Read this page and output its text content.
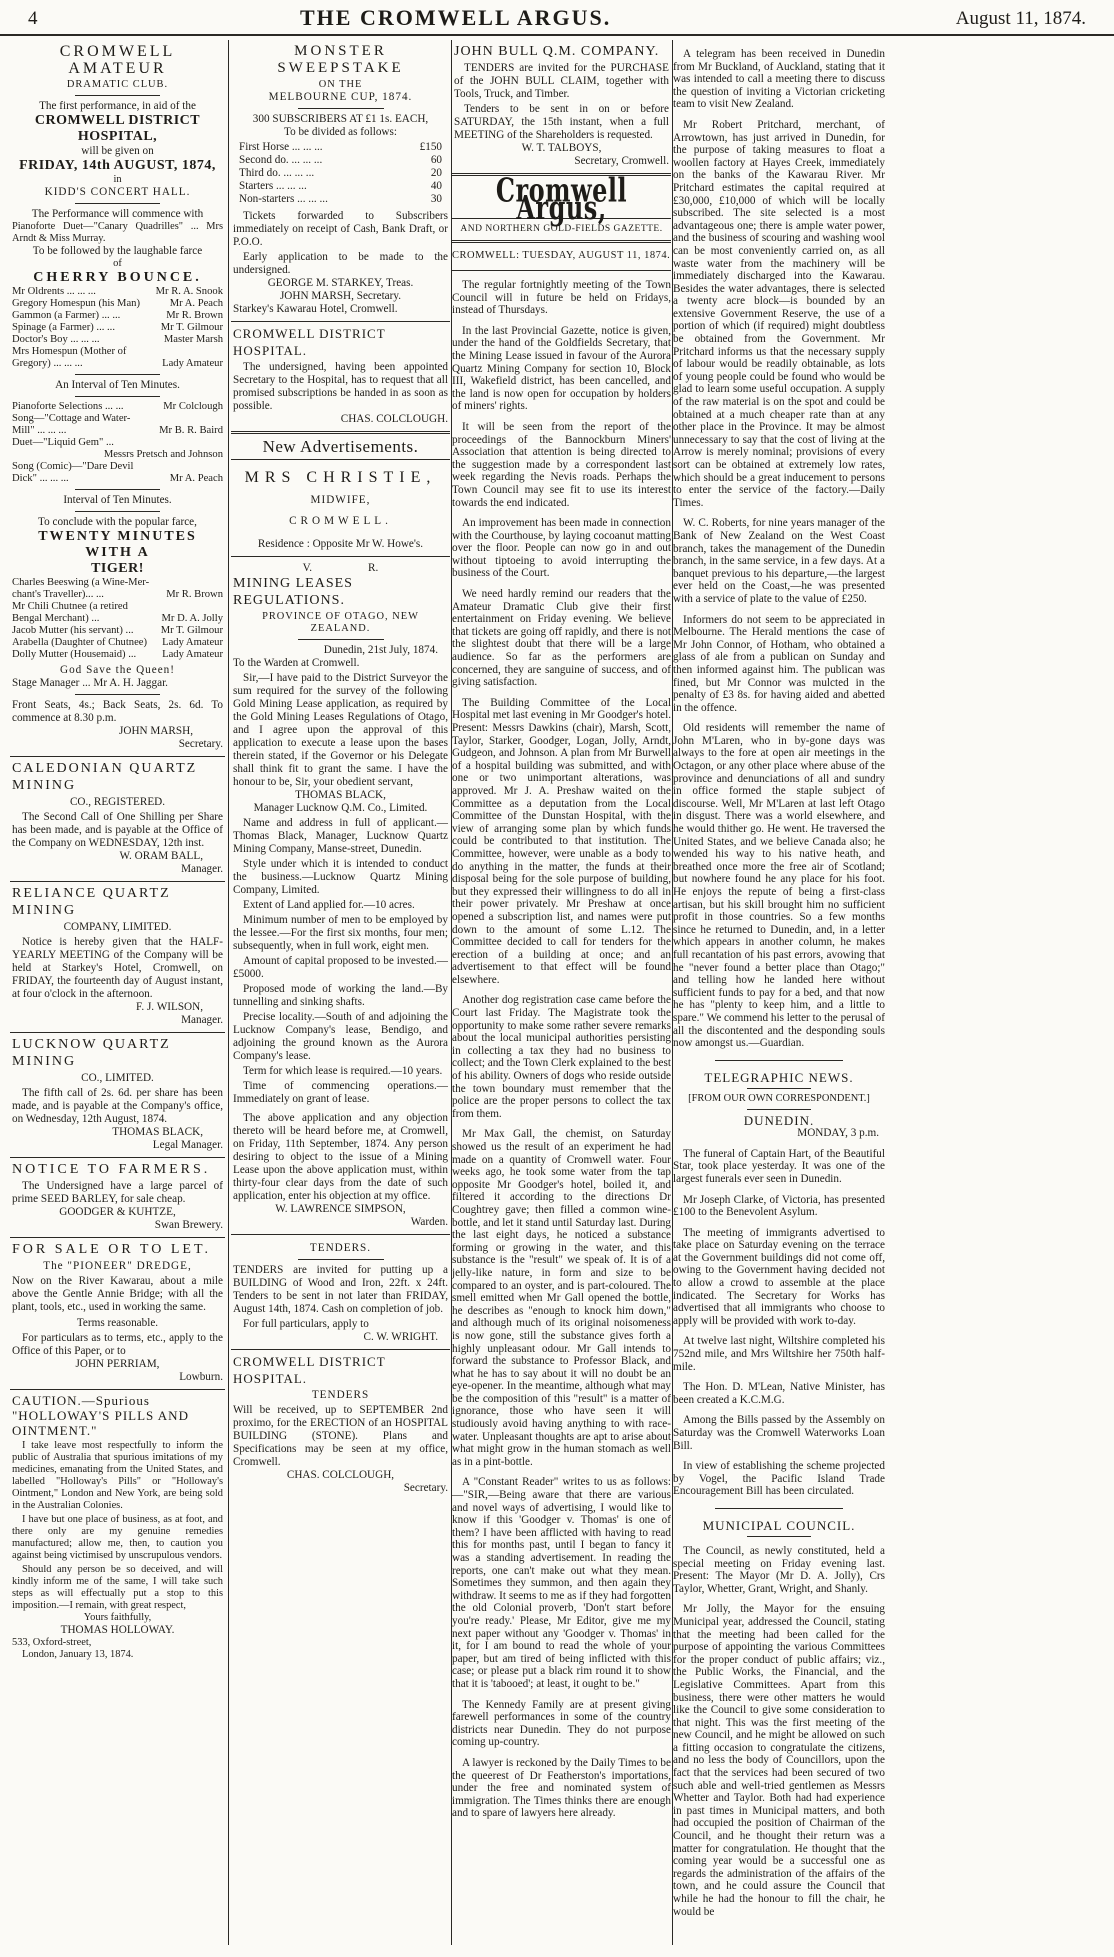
4	THE CROMWELL ARGUS.	August 11, 1874.
CROMWELL AMATEUR
DRAMATIC CLUB.
The first performance, in aid of the
CROMWELL DISTRICT HOSPITAL,
will be given on
FRIDAY, 14th AUGUST, 1874,
in
KIDD'S CONCERT HALL.
The Performance will commence with
Pianoforte Duet—"Canary Quadrilles" ... Mrs Arndt & Miss Murray.
To be followed by the laughable farce
of
CHERRY BOUNCE.
Mr Oldrents ... ... ...	Mr R. A. Snook
Gregory Homespun (his Man)	Mr A. Peach
Gammon (a Farmer) ... ...	Mr R. Brown
Spinage (a Farmer) ... ...	Mr T. Gilmour
Doctor's Boy ... ... ...	Master Marsh
Mrs Homespun (Mother of
Gregory) ... ... ...	Lady Amateur
An Interval of Ten Minutes.
Pianoforte Selections ... ...	Mr Colclough
Song—"Cottage and Water-
Mill" ... ... ...	Mr B. R. Baird
Duet—"Liquid Gem" ...
Messrs Pretsch and Johnson
Song (Comic)—"Dare Devil
Dick" ... ... ...	Mr A. Peach
Interval of Ten Minutes.
To conclude with the popular farce,
TWENTY MINUTES WITH A
TIGER!
Charles Beeswing (a Wine-Mer-
chant's Traveller)... ...	Mr R. Brown
Mr Chili Chutnee (a retired
Bengal Merchant) ...	Mr D. A. Jolly
Jacob Mutter (his servant) ...	Mr T. Gilmour
Arabella (Daughter of Chutnee) Lady Amateur
Dolly Mutter (Housemaid) ... Lady Amateur
God Save the Queen!
Stage Manager ... Mr A. H. Jaggar.
Front Seats, 4s.; Back Seats, 2s. 6d. To commence at 8.30 p.m.
JOHN MARSH,
Secretary.
CALEDONIAN QUARTZ MINING
CO., REGISTERED.

The Second Call of One Shilling per Share has been made, and is payable at the Office of the Company on WEDNESDAY, 12th inst.

W. ORAM BALL,
Manager.
RELIANCE QUARTZ MINING
COMPANY, LIMITED.

Notice is hereby given that the HALF-YEARLY MEETING of the Company will be held at Starkey's Hotel, Cromwell, on FRIDAY, the fourteenth day of August instant, at four o'clock in the afternoon.

F. J. WILSON,
Manager.
LUCKNOW QUARTZ MINING
CO., LIMITED.

The fifth call of 2s. 6d. per share has been made, and is payable at the Company's office, on Wednesday, 12th August, 1874.

THOMAS BLACK,
Legal Manager.
NOTICE TO FARMERS.

The Undersigned have a large parcel of prime SEED BARLEY, for sale cheap.

GOODGER & KUHTZE,
Swan Brewery.
FOR SALE OR TO LET.
The "PIONEER" DREDGE,

Now on the River Kawarau, about a mile above the Gentle Annie Bridge; with all the plant, tools, etc., used in working the same.

Terms reasonable.

For particulars as to terms, etc., apply to the Office of this Paper, or to

JOHN PERRIAM,
Lowburn.
CAUTION.—Spurious "HOLLOWAY'S PILLS AND OINTMENT."

I take leave most respectfully to inform the public of Australia that spurious imitations of my medicines, emanating from the United States, and labelled "Holloway's Pills" or "Holloway's Ointment," London and New York, are being sold in the Australian Colonies.

I have but one place of business, as at foot, and there only are my genuine remedies manufactured; allow me, then, to caution you against being victimised by unscrupulous vendors.

Should any person be so deceived, and will kindly inform me of the same, I will take such steps as will effectually put a stop to this imposition.—I remain, with great respect,

Yours faithfully,
THOMAS HOLLOWAY.
533, Oxford-street,
London, January 13, 1874.
MONSTER SWEEPSTAKE
ON THE
MELBOURNE CUP, 1874.
300 SUBSCRIBERS AT £1 1s. EACH,
To be divided as follows:
First Horse ... ... ...	£150
Second do. ... ... ...	60
Third do. ... ... ...	20
Starters ... ... ...	40
Non-starters ... ... ...	30

Tickets forwarded to Subscribers immediately on receipt of Cash, Bank Draft, or P.O.O.

Early application to be made to the undersigned.

GEORGE M. STARKEY, Treas.
JOHN MARSH, Secretary.
Starkey's Kawarau Hotel, Cromwell.
CROMWELL DISTRICT HOSPITAL.

The undersigned, having been appointed Secretary to the Hospital, has to request that all promised subscriptions be handed in as soon as possible.

CHAS. COLCLOUGH.
New Advertisements.
MRS CHRISTIE,
MIDWIFE,
CROMWELL.
Residence : Opposite Mr W. Howe's.
V.                    R.
MINING LEASES REGULATIONS.
PROVINCE OF OTAGO, NEW ZEALAND.
Dunedin, 21st July, 1874.
To the Warden at Cromwell.

Sir,—I have paid to the District Surveyor the sum required for the survey of the following Gold Mining Lease application, as required by the Gold Mining Leases Regulations of Otago, and I agree upon the approval of this application to execute a lease upon the bases therein stated, if the Governor or his Delegate shall think fit to grant the same. I have the honour to be, Sir, your obedient servant,

THOMAS BLACK,
Manager Lucknow Q.M. Co., Limited.

Name and address in full of applicant.—Thomas Black, Manager, Lucknow Quartz Mining Company, Manse-street, Dunedin.

Style under which it is intended to conduct the business.—Lucknow Quartz Mining Company, Limited.

Extent of Land applied for.—10 acres.

Minimum number of men to be employed by the lessee.—For the first six months, four men; subsequently, when in full work, eight men.

Amount of capital proposed to be invested.—£5000.

Proposed mode of working the land.—By tunnelling and sinking shafts.

Precise locality.—South of and adjoining the Lucknow Company's lease, Bendigo, and adjoining the ground known as the Aurora Company's lease.

Term for which lease is required.—10 years.

Time of commencing operations.—Immediately on grant of lease.

The above application and any objection thereto will be heard before me, at Cromwell, on Friday, 11th September, 1874. Any person desiring to object to the issue of a Mining Lease upon the above application must, within thirty-four clear days from the date of such application, enter his objection at my office.

W. LAWRENCE SIMPSON,
Warden.
TENDERS.

TENDERS are invited for putting up a BUILDING of Wood and Iron, 22ft. x 24ft. Tenders to be sent in not later than FRIDAY, August 14th, 1874. Cash on completion of job.

For full particulars, apply to

C. W. WRIGHT.
CROMWELL DISTRICT HOSPITAL.
TENDERS

Will be received, up to SEPTEMBER 2nd proximo, for the ERECTION of an HOSPITAL BUILDING (STONE). Plans and Specifications may be seen at my office, Cromwell.

CHAS. COLCLOUGH,
Secretary.
JOHN BULL Q.M. COMPANY.

TENDERS are invited for the PURCHASE of the JOHN BULL CLAIM, together with Tools, Truck, and Timber.

Tenders to be sent in on or before SATURDAY, the 15th instant, when a full MEETING of the Shareholders is requested.

W. T. TALBOYS,
Secretary, Cromwell.
Cromwell Argus,
AND NORTHERN GOLD-FIELDS GAZETTE.
CROMWELL: TUESDAY, AUGUST 11, 1874.

The regular fortnightly meeting of the Town Council will in future be held on Fridays, instead of Thursdays.

In the last Provincial Gazette, notice is given, under the hand of the Goldfields Secretary, that the Mining Lease issued in favour of the Aurora Quartz Mining Company for section 10, Block III, Wakefield district, has been cancelled, and the land is now open for occupation by holders of miners' rights.

It will be seen from the report of the proceedings of the Bannockburn Miners' Association that attention is being directed to the suggestion made by a correspondent last week regarding the Nevis roads. Perhaps the Town Council may see fit to use its interest towards the end indicated.

An improvement has been made in connection with the Courthouse, by laying cocoanut matting over the floor. People can now go in and out without tiptoeing to avoid interrupting the business of the Court.

We need hardly remind our readers that the Amateur Dramatic Club give their first entertainment on Friday evening. We believe that tickets are going off rapidly, and there is not the slightest doubt that there will be a large audience. So far as the performers are concerned, they are sanguine of success, and of giving satisfaction.

The Building Committee of the Local Hospital met last evening in Mr Goodger's hotel. Present: Messrs Dawkins (chair), Marsh, Scott, Taylor, Starker, Goodger, Logan, Jolly, Arndt, Gudgeon, and Johnson. A plan from Mr Burwell of a hospital building was submitted, and with one or two unimportant alterations, was approved. Mr J. A. Preshaw waited on the Committee as a deputation from the Local Committee of the Dunstan Hospital, with the view of arranging some plan by which funds could be contributed to that institution. The Committee, however, were unable as a body to do anything in the matter, the funds at their disposal being for the sole purpose of building, but they expressed their willingness to do all in their power privately. Mr Preshaw at once opened a subscription list, and names were put down to the amount of some L.12. The Committee decided to call for tenders for the erection of a building at once; and an advertisement to that effect will be found elsewhere.

Another dog registration case came before the Court last Friday. The Magistrate took the opportunity to make some rather severe remarks about the local municipal authorities persisting in collecting a tax they had no business to collect; and the Town Clerk explained to the best of his ability. Owners of dogs who reside outside the town boundary must remember that the police are the proper persons to collect the tax from them.

Mr Max Gall, the chemist, on Saturday showed us the result of an experiment he had made on a quantity of Cromwell water. Four weeks ago, he took some water from the tap opposite Mr Goodger's hotel, boiled it, and filtered it according to the directions Dr Coughtrey gave; then filled a common wine-bottle, and let it stand until Saturday last. During the last eight days, he noticed a substance forming or growing in the water, and this substance is the "result" we speak of. It is of a jelly-like nature, in form and size to be compared to an oyster, and is part-coloured. The smell emitted when Mr Gall opened the bottle, he describes as "enough to knock him down," and although much of its original noisomeness is now gone, still the substance gives forth a highly unpleasant odour. Mr Gall intends to forward the substance to Professor Black, and what he has to say about it will no doubt be an eye-opener. In the meantime, although what may be the composition of this "result" is a matter of ignorance, those who have seen it will studiously avoid having anything to with race-water. Unpleasant thoughts are apt to arise about what might grow in the human stomach as well as in a pint-bottle.

A "Constant Reader" writes to us as follows:—"SIR,—Being aware that there are various and novel ways of advertising, I would like to know if this 'Goodger v. Thomas' is one of them? I have been afflicted with having to read this for months past, until I began to fancy it was a standing advertisement. In reading the reports, one can't make out what they mean. Sometimes they summon, and then again they withdraw. It seems to me as if they had forgotten the old Colonial proverb, 'Don't start before you're ready.' Please, Mr Editor, give me my next paper without any 'Goodger v. Thomas' in it, for I am bound to read the whole of your paper, but am tired of being inflicted with this case; or please put a black rim round it to show that it is 'tabooed'; at least, it ought to be."

The Kennedy Family are at present giving farewell performances in some of the country districts near Dunedin. They do not purpose coming up-country.

A lawyer is reckoned by the Daily Times to be the queerest of Dr Featherston's importations, under the free and nominated system of immigration. The Times thinks there are enough and to spare of lawyers here already.

A telegram has been received in Dunedin from Mr Buckland, of Auckland, stating that it was intended to call a meeting there to discuss the question of inviting a Victorian cricketing team to visit New Zealand.

Mr Robert Pritchard, merchant, of Arrowtown, has just arrived in Dunedin, for the purpose of taking measures to float a woollen factory at Hayes Creek, immediately on the banks of the Kawarau River. Mr Pritchard estimates the capital required at £30,000, £10,000 of which will be locally subscribed. The site selected is a most advantageous one; there is ample water power, and the business of scouring and washing wool can be most conveniently carried on, as all waste water from the machinery will be immediately discharged into the Kawarau. Besides the water advantages, there is selected a twenty acre block—is bounded by an extensive Government Reserve, the use of a portion of which (if required) might doubtless be obtained from the Government. Mr Pritchard informs us that the necessary supply of labour would be readily obtainable, as lots of young people could be found who would be glad to learn some useful occupation. A supply of the raw material is on the spot and could be obtained at a much cheaper rate than at any other place in the Province. It may be almost unnecessary to say that the cost of living at the Arrow is merely nominal; provisions of every sort can be obtained at extremely low rates, which should be a great inducement to persons to enter the service of the factory.—Daily Times.

W. C. Roberts, for nine years manager of the Bank of New Zealand on the West Coast branch, takes the management of the Dunedin branch, in the same service, in a few days. At a banquet previous to his departure,—the largest ever held on the Coast,—he was presented with a service of plate to the value of £250.

Informers do not seem to be appreciated in Melbourne. The Herald mentions the case of Mr John Connor, of Hotham, who obtained a glass of ale from a publican on Sunday and then informed against him. The publican was fined, but Mr Connor was mulcted in the penalty of £3 8s. for having aided and abetted in the offence.

Old residents will remember the name of John M'Laren, who in by-gone days was always to the fore at open air meetings in the Octagon, or any other place where abuse of the province and denunciations of all and sundry in office formed the staple subject of discourse. Well, Mr M'Laren at last left Otago in disgust. There was a world elsewhere, and he would thither go. He went. He traversed the United States, and we believe Canada also; he wended his way to his native heath, and breathed once more the free air of Scotland; but nowhere found he any place for his foot. He enjoys the repute of being a first-class artisan, but his skill brought him no sufficient profit in those countries. So a few months since he returned to Dunedin, and, in a letter which appears in another column, he makes full recantation of his past errors, avowing that he "never found a better place than Otago;" and telling how he landed here without sufficient funds to pay for a bed, and that now he has "plenty to keep him, and a little to spare." We commend his letter to the perusal of all the discontented and the desponding souls now amongst us.—Guardian.

TELEGRAPHIC NEWS.
[FROM OUR OWN CORRESPONDENT.]
DUNEDIN.
MONDAY, 3 p.m.

The funeral of Captain Hart, of the Beautiful Star, took place yesterday. It was one of the largest funerals ever seen in Dunedin.

Mr Joseph Clarke, of Victoria, has presented £100 to the Benevolent Asylum.

The meeting of immigrants advertised to take place on Saturday evening on the terrace at the Government buildings did not come off, owing to the Government having decided not to allow a crowd to assemble at the place indicated. The Secretary for Works has advertised that all immigrants who choose to apply will be provided with work to-day.

At twelve last night, Wiltshire completed his 752nd mile, and Mrs Wiltshire her 750th half-mile.

The Hon. D. M'Lean, Native Minister, has been created a K.C.M.G.

Among the Bills passed by the Assembly on Saturday was the Cromwell Waterworks Loan Bill.

In view of establishing the scheme projected by Vogel, the Pacific Island Trade Encouragement Bill has been circulated.

MUNICIPAL COUNCIL.

The Council, as newly constituted, held a special meeting on Friday evening last. Present: The Mayor (Mr D. A. Jolly), Crs Taylor, Whetter, Grant, Wright, and Shanly.

Mr Jolly, the Mayor for the ensuing Municipal year, addressed the Council, stating that the meeting had been called for the purpose of appointing the various Committees for the proper conduct of public affairs; viz., the Public Works, the Financial, and the Legislative Committees. Apart from this business, there were other matters he would like the Council to give some consideration to that night. This was the first meeting of the new Council, and he might be allowed on such a fitting occasion to congratulate the citizens, and no less the body of Councillors, upon the fact that the services had been secured of two such able and well-tried gentlemen as Messrs Whetter and Taylor. Both had had experience in past times in Municipal matters, and both had occupied the position of Chairman of the Council, and he thought their return was a matter for congratulation. He thought that the coming year would be a successful one as regards the administration of the affairs of the town, and he could assure the Council that while he had the honour to fill the chair, he would be
